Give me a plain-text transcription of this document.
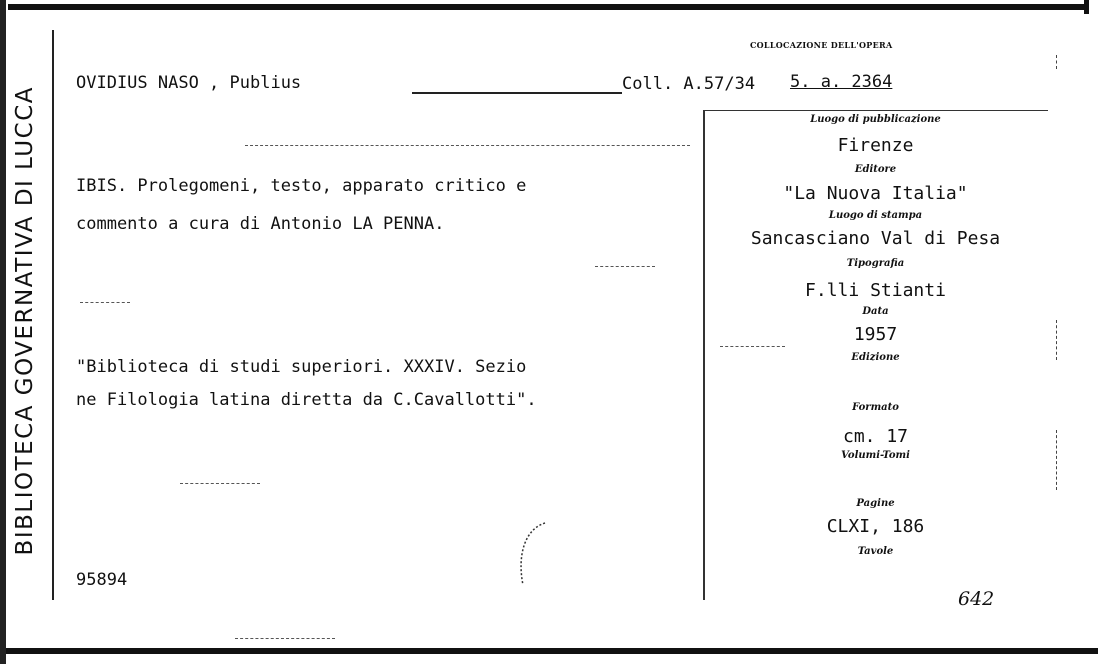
BIBLIOTECA GOVERNATIVA DI LUCCA
COLLOCAZIONE DELL'OPERA
OVIDIUS NASO , Publius	Coll. A.57/34 5. a. 2364
IBIS. Prolegomeni, testo, apparato critico e
commento a cura di Antonio LA PENNA.
"Biblioteca di studi superiori. XXXIV. Sezio
ne Filologia latina diretta da C.Cavallotti".
95894
642
Luogo di pubblicazione
Firenze
Editore
"La Nuova Italia"
Luogo di stampa
Sancasciano Val di Pesa
Tipografia
F.lli Stianti
Data
1957
Edizione
Formato
cm. 17
Volumi-Tomi
Pagine
CLXI, 186
Tavole
